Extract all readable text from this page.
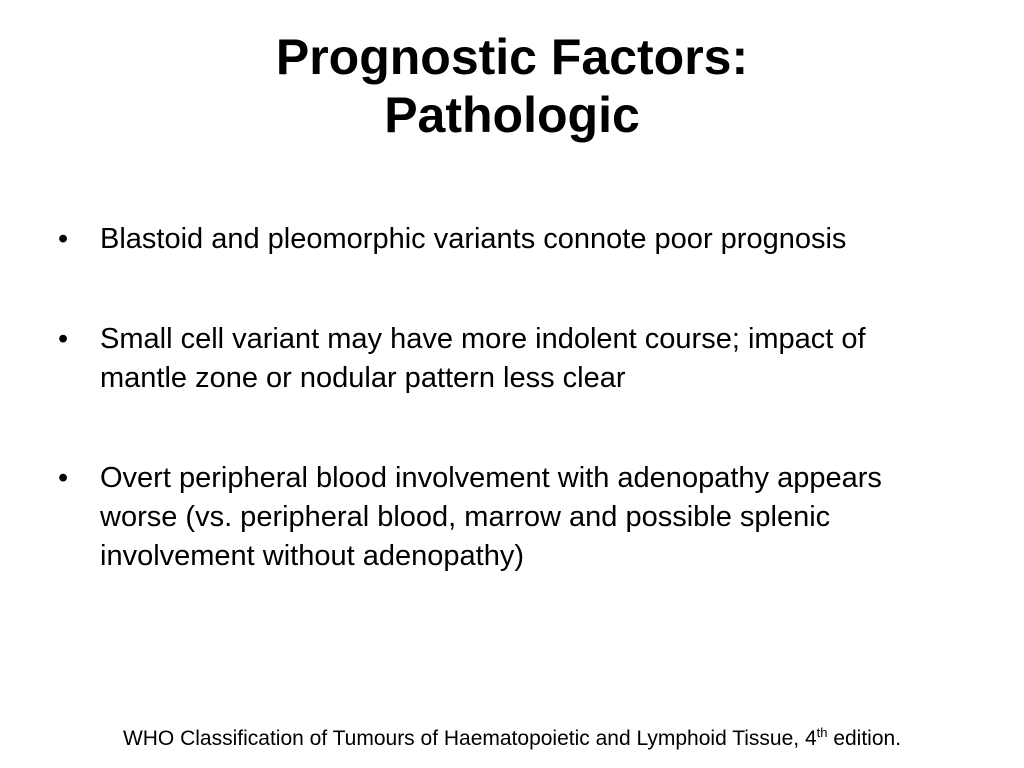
Prognostic Factors:
Pathologic
• Blastoid and pleomorphic variants connote poor prognosis
• Small cell variant may have more indolent course; impact of mantle zone or nodular pattern less clear
• Overt peripheral blood involvement with adenopathy appears worse (vs. peripheral blood, marrow and possible splenic involvement without adenopathy)
WHO Classification of Tumours of Haematopoietic and Lymphoid Tissue, 4th edition.
